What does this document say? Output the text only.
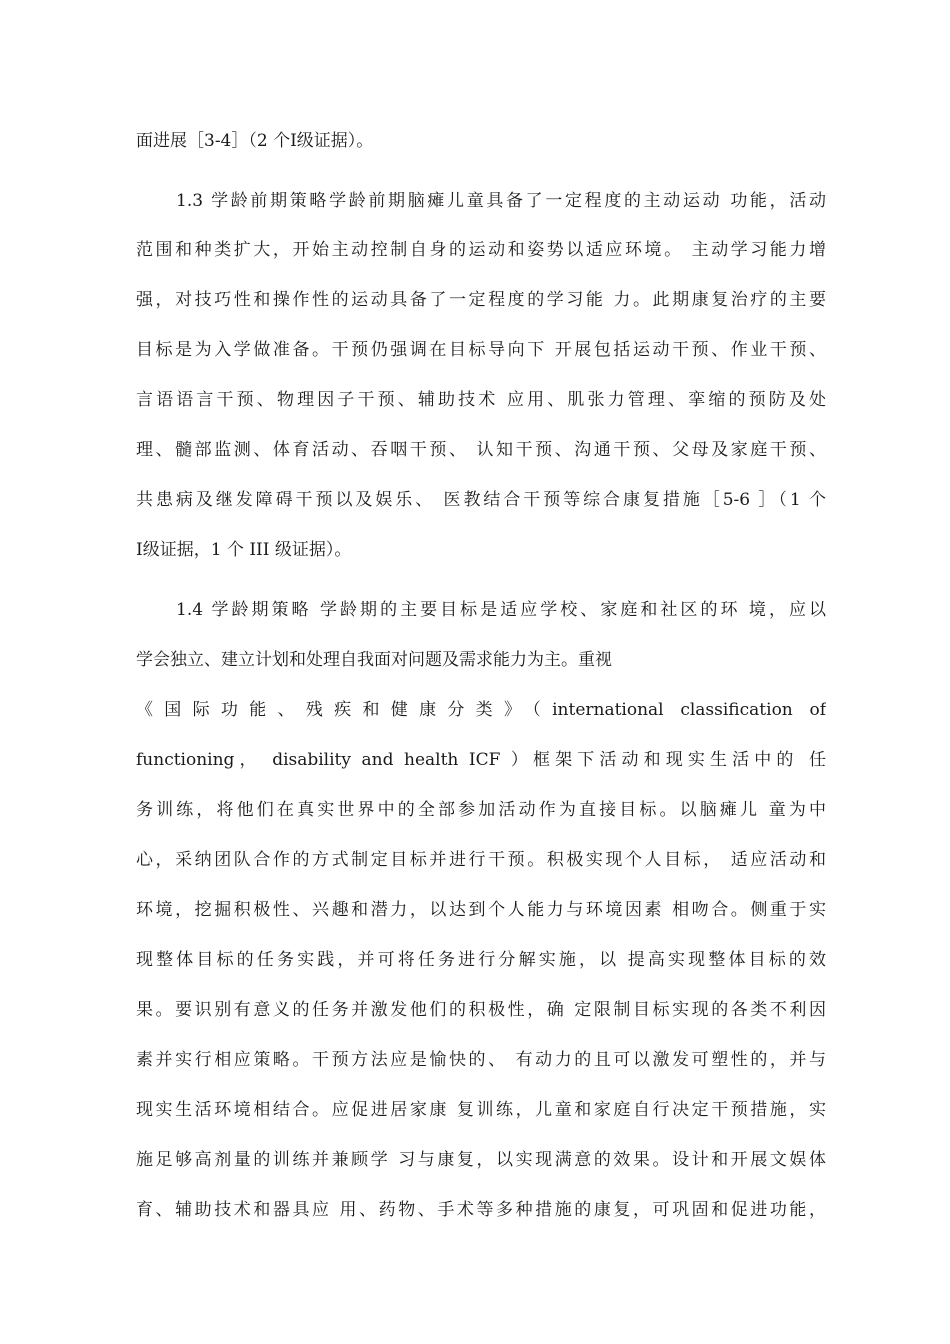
面进展［3-4］（2 个Ⅰ级证据）。
1.3 学龄前期策略学龄前期脑瘫儿童具备了一定程度的主动运动 功能，活动
范围和种类扩大，开始主动控制自身的运动和姿势以适应环境。 主动学习能力增
强，对技巧性和操作性的运动具备了一定程度的学习能 力。此期康复治疗的主要
目标是为入学做准备。干预仍强调在目标导向下 开展包括运动干预、作业干预、
言语语言干预、物理因子干预、辅助技术 应用、肌张力管理、挛缩的预防及处
理、髓部监测、体育活动、吞咽干预、 认知干预、沟通干预、父母及家庭干预、
共患病及继发障碍干预以及娱乐、 医教结合干预等综合康复措施［5-6 ］（1 个
Ⅰ级证据，1 个 III 级证据）。
1.4 学龄期策略 学龄期的主要目标是适应学校、家庭和社区的环 境，应以
学会独立、建立计划和处理自我面对问题及需求能力为主。重视
《国际功能、残疾和健康分类》（international classification of
functioning， disability and health ICF ）框架下活动和现实生活中的 任
务训练，将他们在真实世界中的全部参加活动作为直接目标。以脑瘫儿 童为中
心，采纳团队合作的方式制定目标并进行干预。积极实现个人目标， 适应活动和
环境，挖掘积极性、兴趣和潜力，以达到个人能力与环境因素 相吻合。侧重于实
现整体目标的任务实践，并可将任务进行分解实施，以 提高实现整体目标的效
果。要识别有意义的任务并激发他们的积极性，确 定限制目标实现的各类不利因
素并实行相应策略。干预方法应是愉快的、 有动力的且可以激发可塑性的，并与
现实生活环境相结合。应促进居家康 复训练，儿童和家庭自行决定干预措施，实
施足够高剂量的训练并兼顾学 习与康复，以实现满意的效果。设计和开展文娱体
育、辅助技术和器具应 用、药物、手术等多种措施的康复，可巩固和促进功能，
